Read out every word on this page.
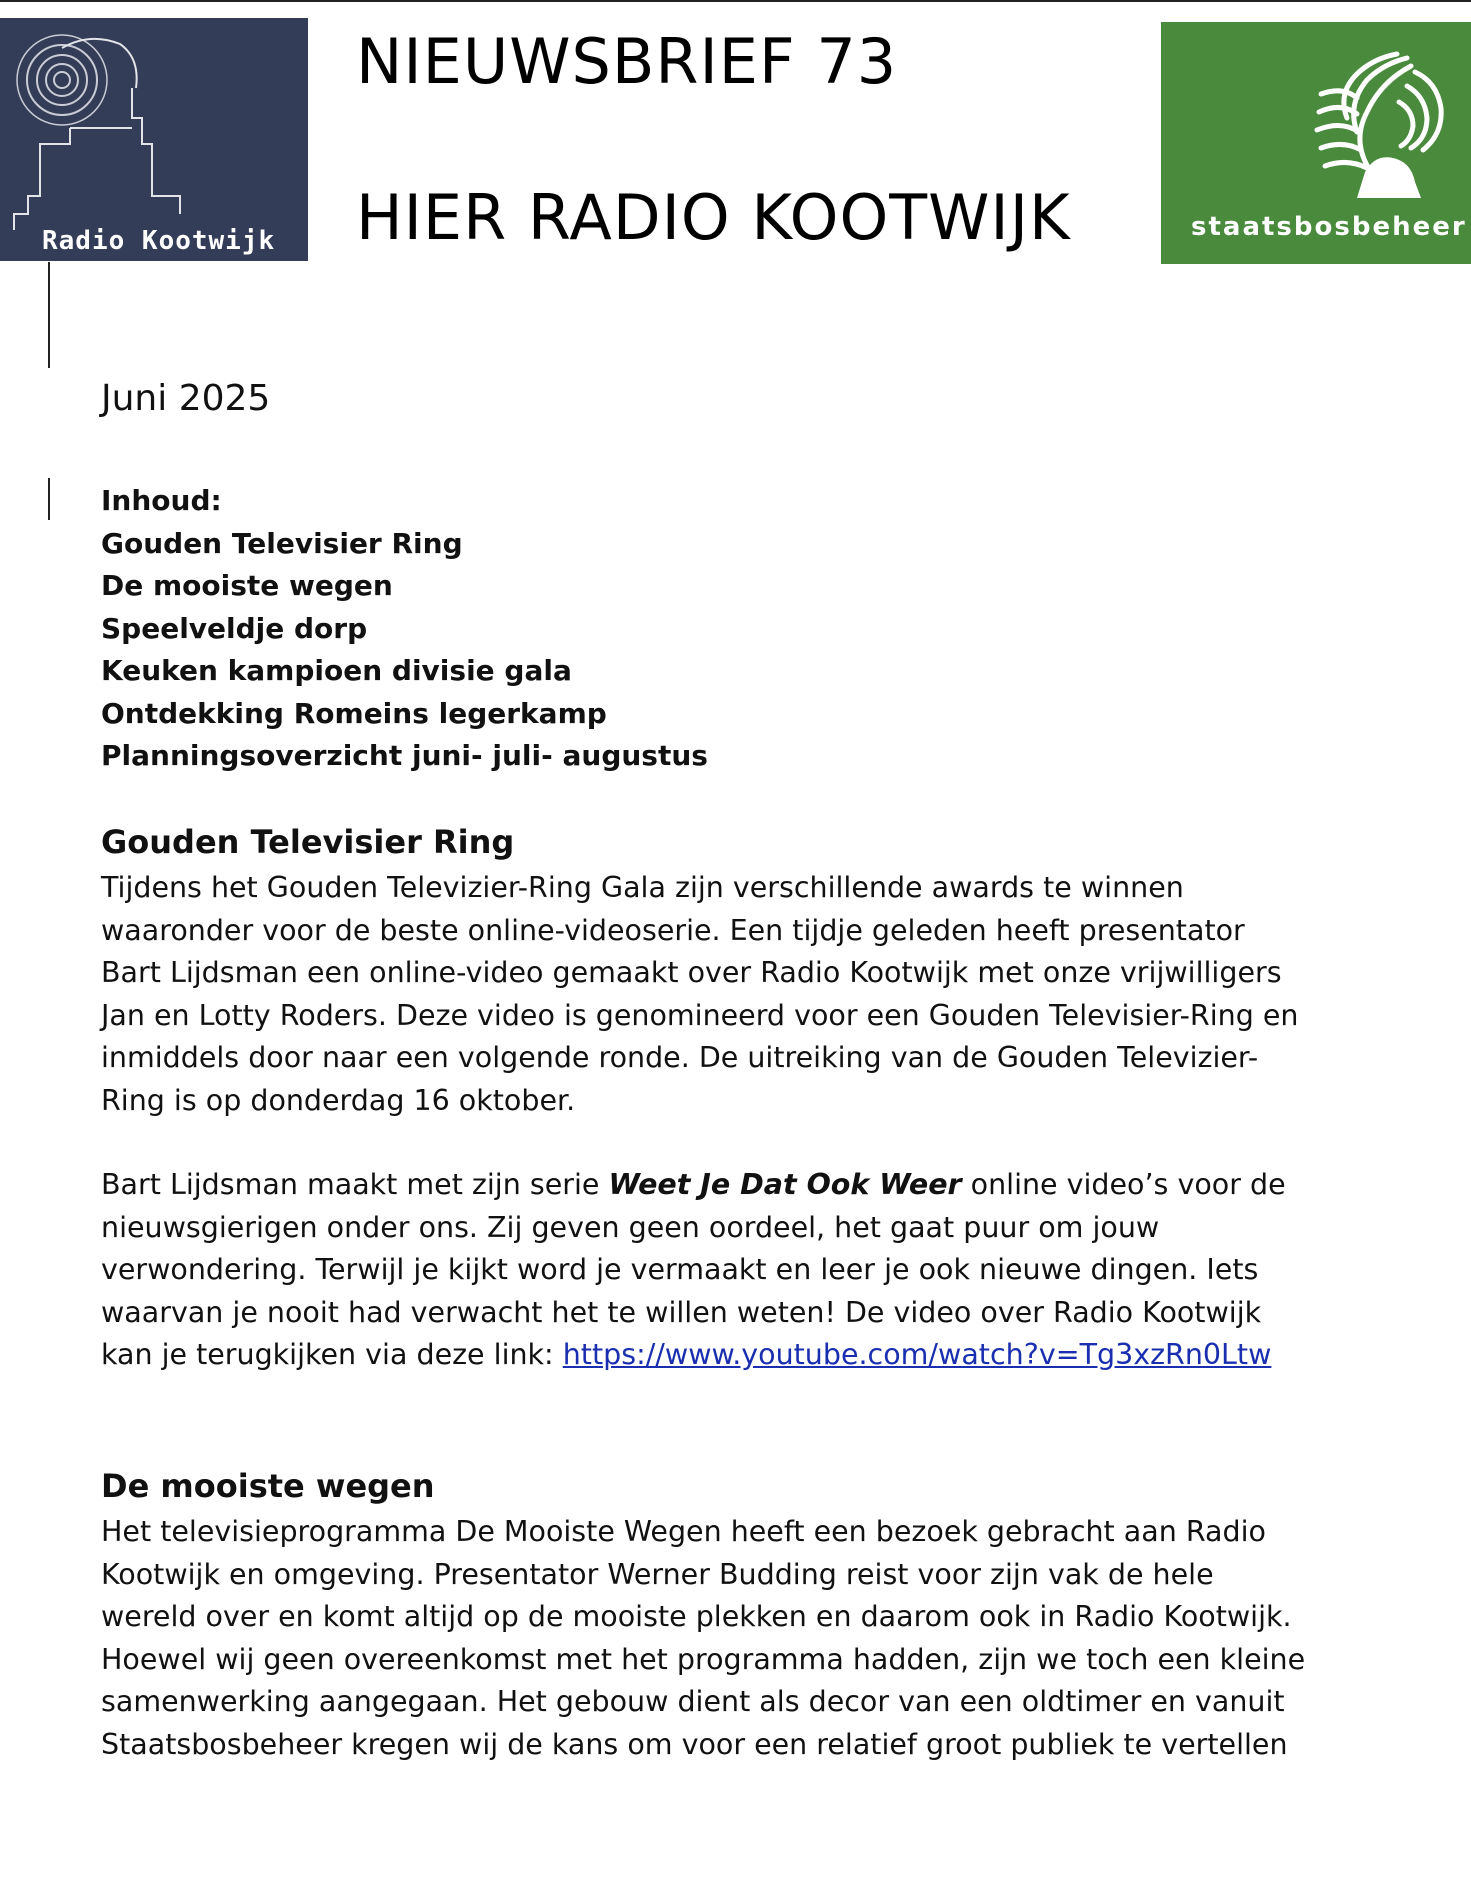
Radio Kootwijk
NIEUWSBRIEF 73
HIER RADIO KOOTWIJK	staatsbosbeheer
Juni 2025
Inhoud:
Gouden Televisier Ring
De mooiste wegen
Speelveldje dorp
Keuken kampioen divisie gala
Ontdekking Romeins legerkamp
Planningsoverzicht juni- juli- augustus
Gouden Televisier Ring
Tijdens het Gouden Televizier-Ring Gala zijn verschillende awards te winnen
waaronder voor de beste online-videoserie. Een tijdje geleden heeft presentator
Bart Lijdsman een online-video gemaakt over Radio Kootwijk met onze vrijwilligers
Jan en Lotty Roders. Deze video is genomineerd voor een Gouden Televisier-Ring en
inmiddels door naar een volgende ronde. De uitreiking van de Gouden Televizier-
Ring is op donderdag 16 oktober.
Bart Lijdsman maakt met zijn serie Weet Je Dat Ook Weer online video’s voor de
nieuwsgierigen onder ons. Zij geven geen oordeel, het gaat puur om jouw
verwondering. Terwijl je kijkt word je vermaakt en leer je ook nieuwe dingen. Iets
waarvan je nooit had verwacht het te willen weten! De video over Radio Kootwijk
kan je terugkijken via deze link: https://www.youtube.com/watch?v=Tg3xzRn0Ltw
De mooiste wegen
Het televisieprogramma De Mooiste Wegen heeft een bezoek gebracht aan Radio
Kootwijk en omgeving. Presentator Werner Budding reist voor zijn vak de hele
wereld over en komt altijd op de mooiste plekken en daarom ook in Radio Kootwijk.
Hoewel wij geen overeenkomst met het programma hadden, zijn we toch een kleine
samenwerking aangegaan. Het gebouw dient als decor van een oldtimer en vanuit
Staatsbosbeheer kregen wij de kans om voor een relatief groot publiek te vertellen
